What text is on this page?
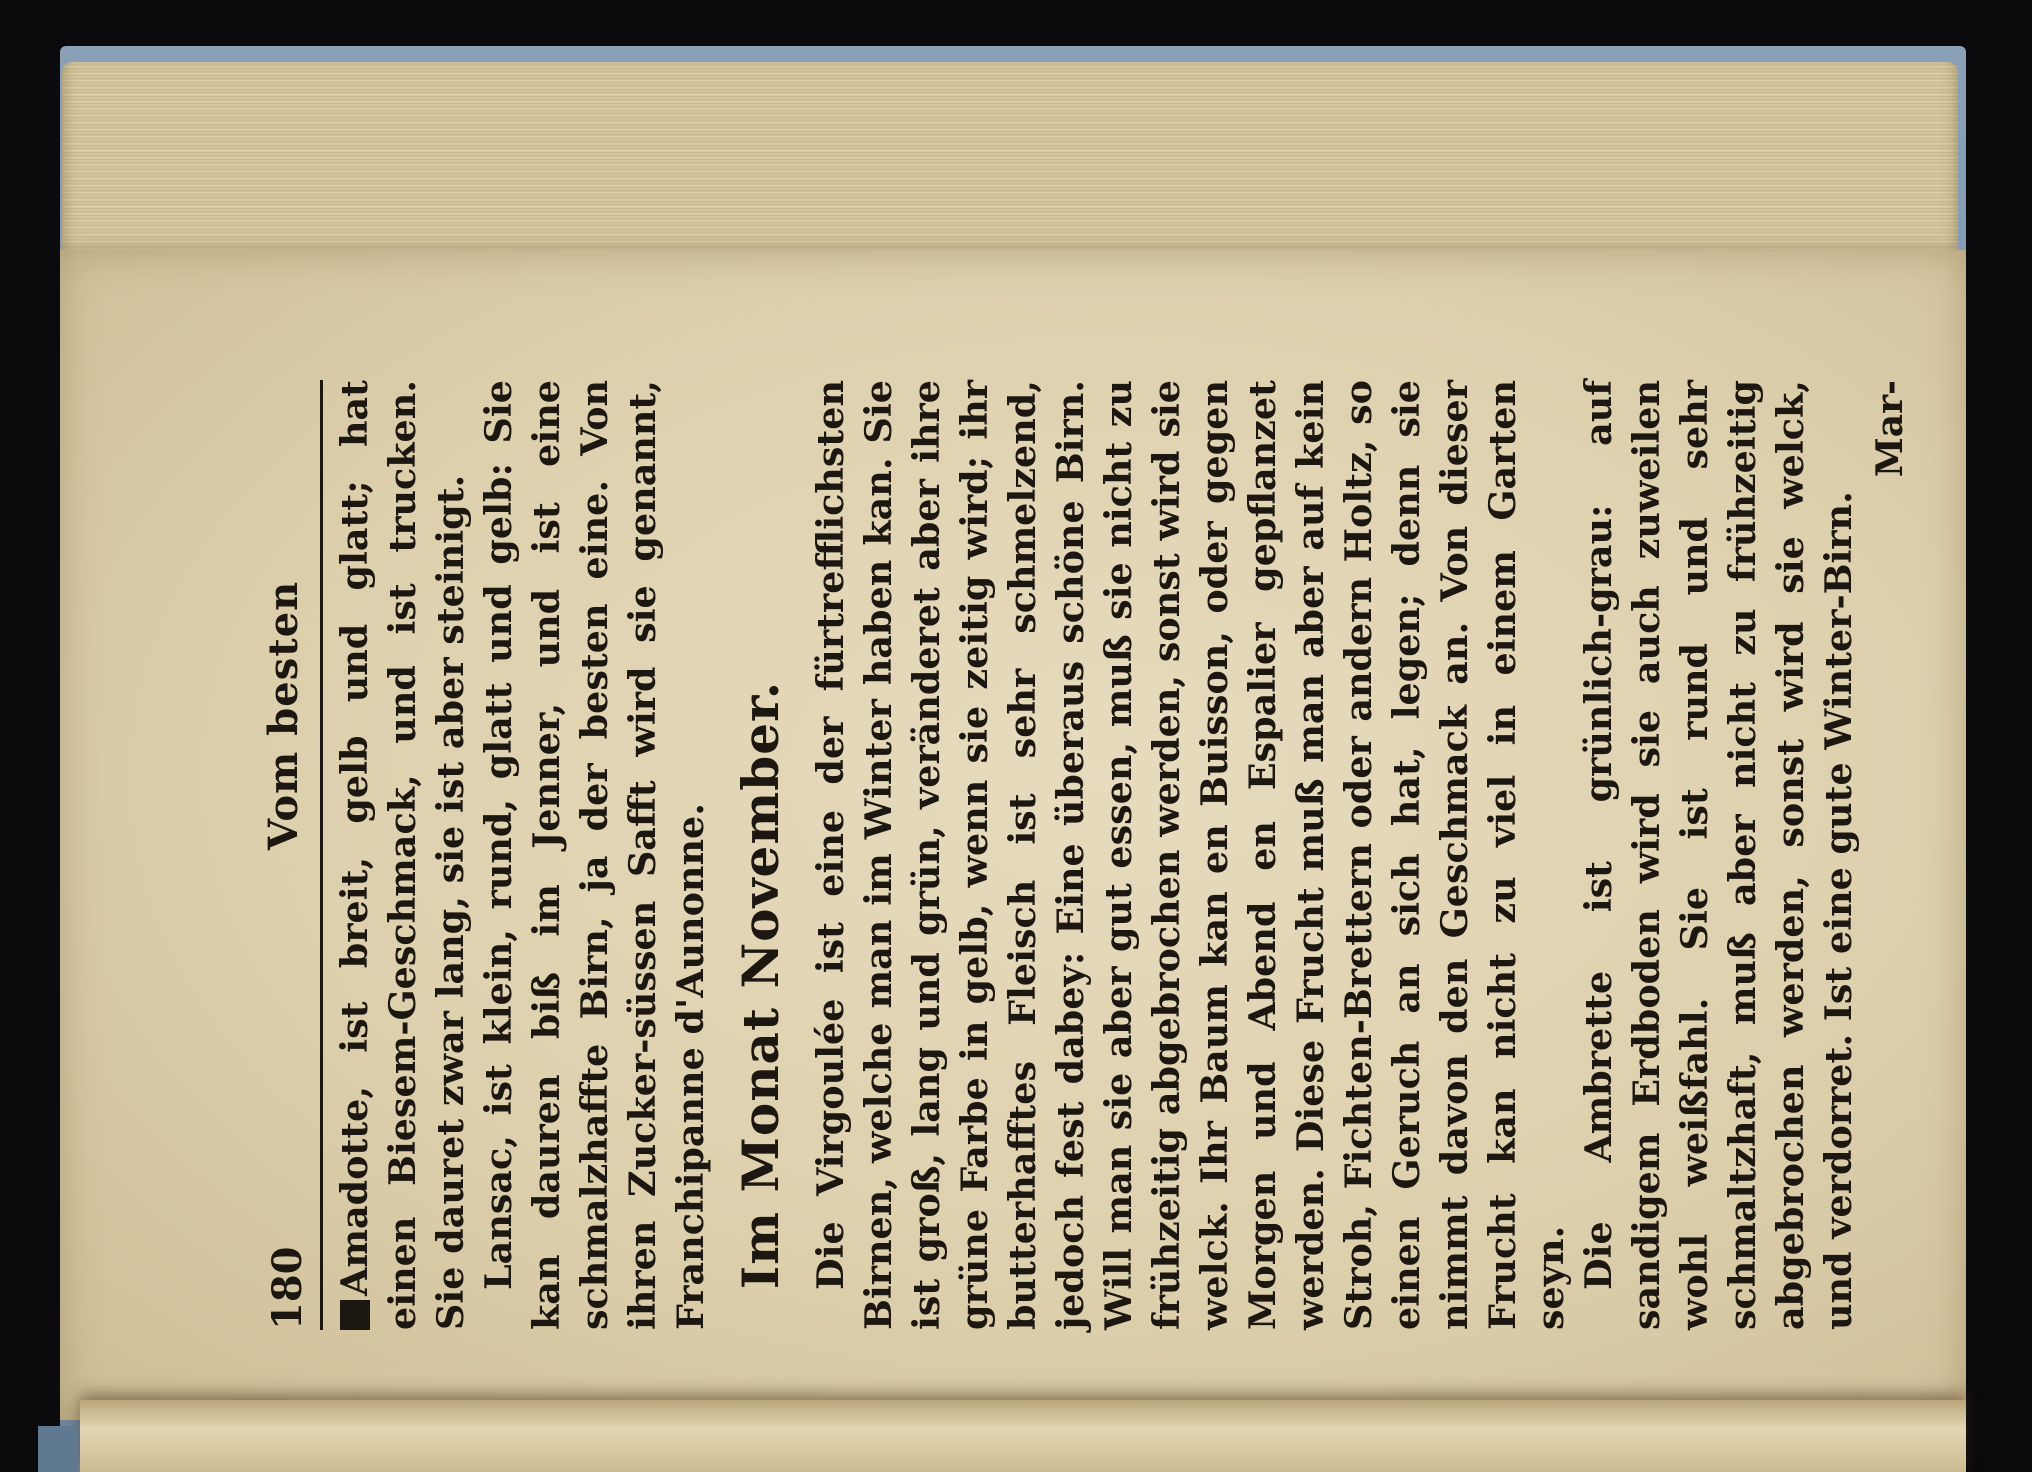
180
Vom besten Amadotte, ist breit, gelb und glatt; hat einen Biesem-Geschmack, und ist trucken. Sie dauret zwar lang, sie ist aber steinigt. Lansac, ist klein, rund, glatt und gelb: Sie kan dauren biß im Jenner, und ist eine schmalzhaffte Birn, ja der besten eine. Von ihren Zucker-süssen Safft wird sie genannt, Franchipanne d'Aunonne. Im Monat November. Die Virgoulée ist eine der fürtrefflichsten Birnen, welche man im Winter haben kan. Sie ist groß, lang und grün, veränderet aber ihre grüne Farbe in gelb, wenn sie zeitig wird; ihr butterhafftes Fleisch ist sehr schmelzend, jedoch fest dabey: Eine überaus schöne Birn. Will man sie aber gut essen, muß sie nicht zu frühzeitig abgebrochen werden, sonst wird sie welck. Ihr Baum kan en Buisson, oder gegen Morgen und Abend en Espalier gepflanzet werden. Diese Frucht muß man aber auf kein Stroh, Fichten-Brettern oder andern Holtz, so einen Geruch an sich hat, legen; denn sie nimmt davon den Geschmack an. Von dieser Frucht kan nicht zu viel in einem Garten seyn. Die Ambrette ist grünlich-grau: auf sandigem Erdboden wird sie auch zuweilen wohl weißfahl. Sie ist rund und sehr schmaltzhaft, muß aber nicht zu frühzeitig abgebrochen werden, sonst wird sie welck, und verdorret. Ist eine gute Winter-Birn.

Mar-
